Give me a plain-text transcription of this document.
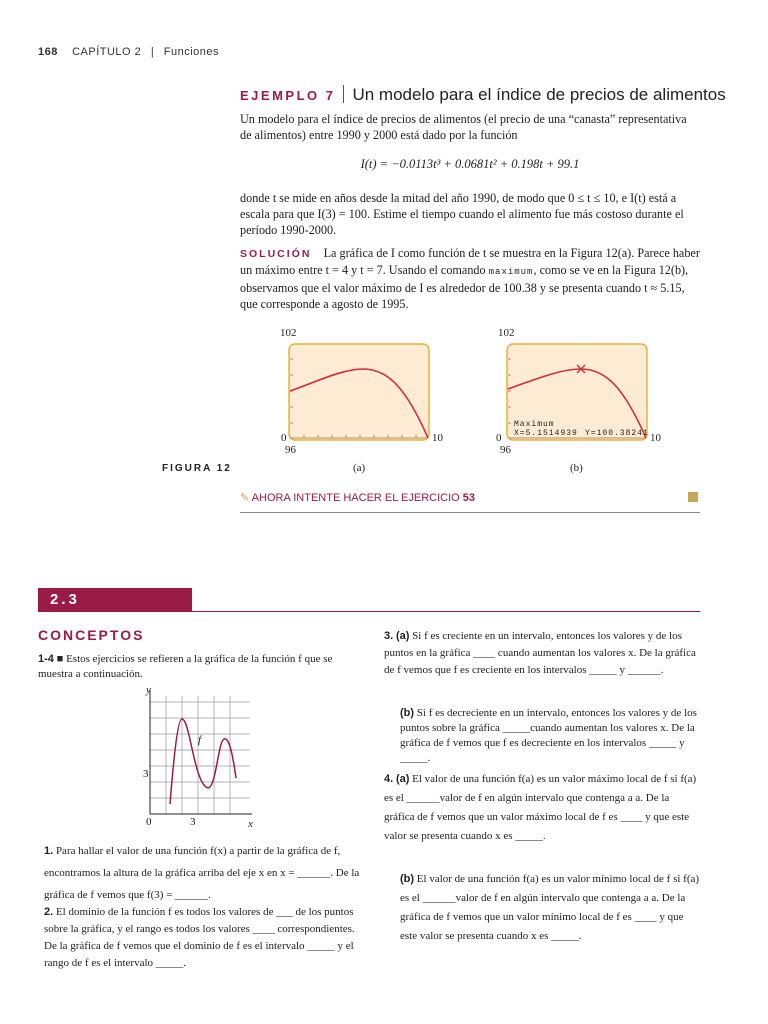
168 CAPÍTULO 2 | Funciones
EJEMPLO 7 Un modelo para el índice de precios de alimentos
Un modelo para el índice de precios de alimentos (el precio de una “canasta” representativa de alimentos) entre 1990 y 2000 está dado por la función
I(t) = −0.0113t³ + 0.0681t² + 0.198t + 99.1
donde t se mide en años desde la mitad del año 1990, de modo que 0 ≤ t ≤ 10, e I(t) está a escala para que I(3) = 100. Estime el tiempo cuando el alimento fue más costoso durante el período 1990-2000.
SOLUCIÓN La gráfica de I como función de t se muestra en la Figura 12(a). Parece haber un máximo entre t = 4 y t = 7. Usando el comando maximum, como se ve en la Figura 12(b), observamos que el valor máximo de I es alrededor de 100.38 y se presenta cuando t ≈ 5.15, que corresponde a agosto de 1995.
102
0
96
10
(a)
102
Maximum
X=5.1514939 Y=100.38241
0
96
10
(b)
FIGURA 12
✎ AHORA INTENTE HACER EL EJERCICIO 53
2.3 EJERCICIOS
CONCEPTOS
1-4 ■ Estos ejercicios se refieren a la gráfica de la función f que se muestra a continuación.
y
x
f
3
3
0
1. Para hallar el valor de una función f(x) a partir de la gráfica de f, encontramos la altura de la gráfica arriba del eje x en x = ______. De la gráfica de f vemos que f(3) = ______.
2. El dominio de la función f es todos los valores de ___ de los puntos sobre la gráfica, y el rango es todos los valores ____ correspondientes. De la gráfica de f vemos que el dominio de f es el intervalo _____ y el rango de f es el intervalo _____.
3. (a) Si f es creciente en un intervalo, entonces los valores y de los puntos en la gráfica ____ cuando aumentan los valores x. De la gráfica de f vemos que f es creciente en los intervalos _____ y ______.
(b) Si f es decreciente en un intervalo, entonces los valores y de los puntos sobre la gráfica _____cuando aumentan los valores x. De la gráfica de f vemos que f es decreciente en los intervalos _____ y _____.
4. (a) El valor de una función f(a) es un valor máximo local de f si f(a) es el ______valor de f en algún intervalo que contenga a a. De la gráfica de f vemos que un valor máximo local de f es ____ y que este valor se presenta cuando x es _____.
(b) El valor de una función f(a) es un valor mínimo local de f si f(a) es el ______valor de f en algún intervalo que contenga a a. De la gráfica de f vemos que un valor mínimo local de f es ____ y que este valor se presenta cuando x es _____.
